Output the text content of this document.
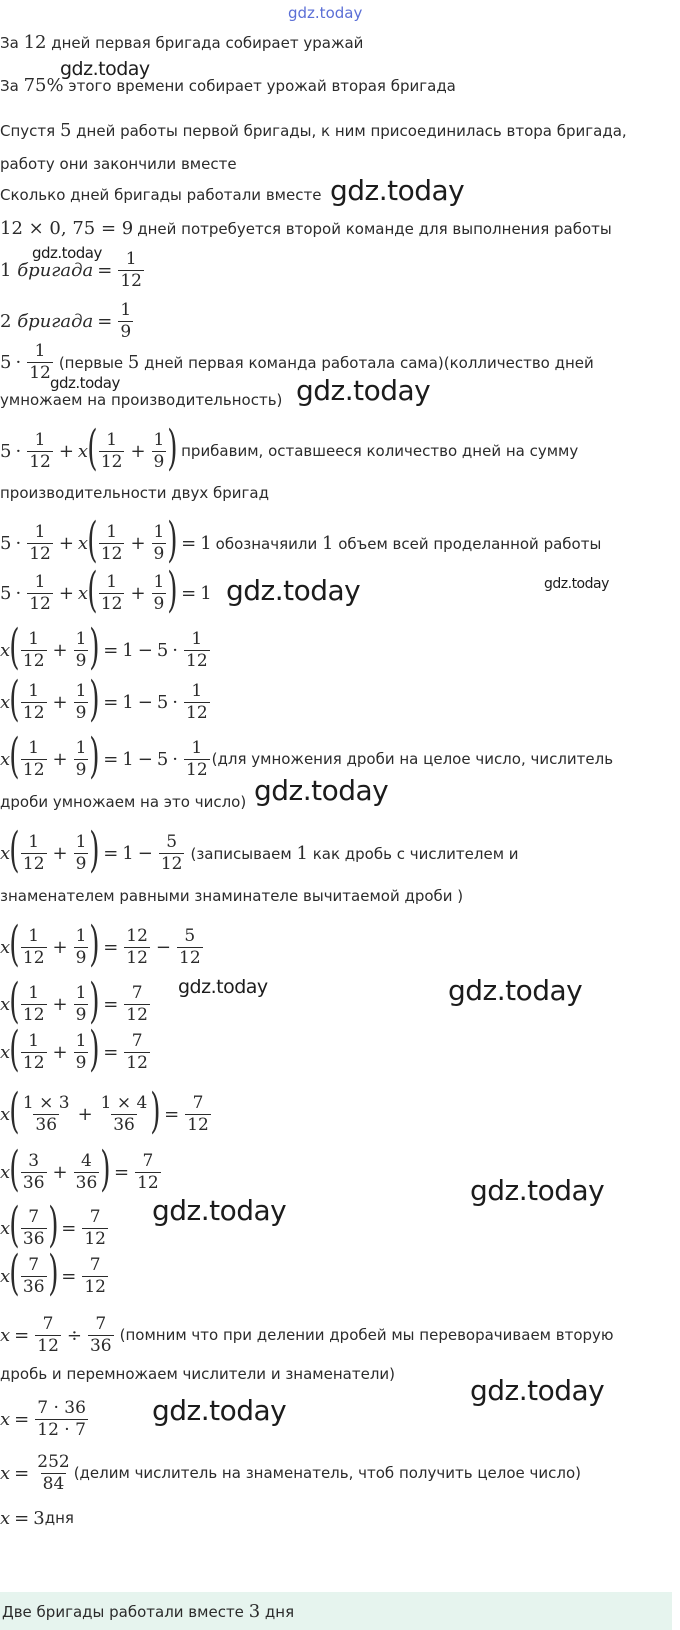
gdz.today
За 12 дней первая бригада собирает уражай
gdz.today
За 75% этого времени собирает урожай вторая бригада
Спустя 5 дней работы первой бригады, к ним присоединилась втора бригада,
работу они закончили вместе
Сколько дней бригады работали вместе gdz.today
12 × 0, 75 = 9 дней потребуется второй команде для выполнения работы
gdz.today
1
бригада = $\frac{1}{12}$
2
бригада = $\frac{1}{9}$
5 ·
1
12 (первые 5 дней первая команда работала сама)(колличество дней
gdz.today
умножаем на производительность) gdz.today
5 ·
1
12 + x ( 1
$12 + \frac{1}{9}$ ) прибавим, оставшееся количество дней на сумму
производительности двух бригад
5 ·
1
12 + x ( 1
$12 + \frac{1}{9}$ ) = 1 обозначяили 1 объем всей проделанной работы
5 ·
1
12 + x ( 1
$12 + \frac{1}{9}$ ) = 1 gdz.today	gdz.today
x ( 1
$12 + \frac{1}{9}$ ) = 1 − 5 ·
1
12
x ( 1
$12 + \frac{1}{9}$ ) = 1 − 5 ·
1
12
x ( 1
$12 + \frac{1}{9}$ ) = 1 − 5 ·
1
12
(для умножения дроби на целое число, числитель
дроби умножаем на это число) gdz.today
x ( 1
$12 + \frac{1}{9}$ ) = $1 - \frac{5}{12}$ (записываем 1 как дробь с числителем и
знаменателем равными знаминателе вычитаемой дроби )
x ( 1
$12 + \frac{1}{9}$ ) = $\frac{12}{12} - \frac{5}{12}$
gdz.today	gdz.today
x ( 1
$12 + \frac{1}{9}$ ) = $\frac{7}{12}$
x ( 1
$12 + \frac{1}{9}$ ) = $\frac{7}{12}$
x ( 1 × 3
$36 + \frac{1 \times 4}{36}$ ) = $\frac{7}{12}$
x ( 3
$36 + \frac{4}{36}$ ) = $\frac{7}{12}$	gdz.today
gdz.today
x ( 7
36 ) = $\frac{7}{12}$
x ( 7
36 ) = $\frac{7}{12}$
$x = \frac{7}{12} \div \frac{7}{36}$ (помним что при делении дробей мы переворачиваем вторую
дробь и перемножаем числители и знаменатели)	gdz.today
$x = \frac{7 \cdot 36}{12 \cdot 7}$ gdz.today
$x = \frac{252}{84}$ (делим числитель на знаменатель, чтоб получить целое число)
x = 3 дня
Две бригады работали вместе 3 дня
gdz.today
gdz.today
gdz.today
